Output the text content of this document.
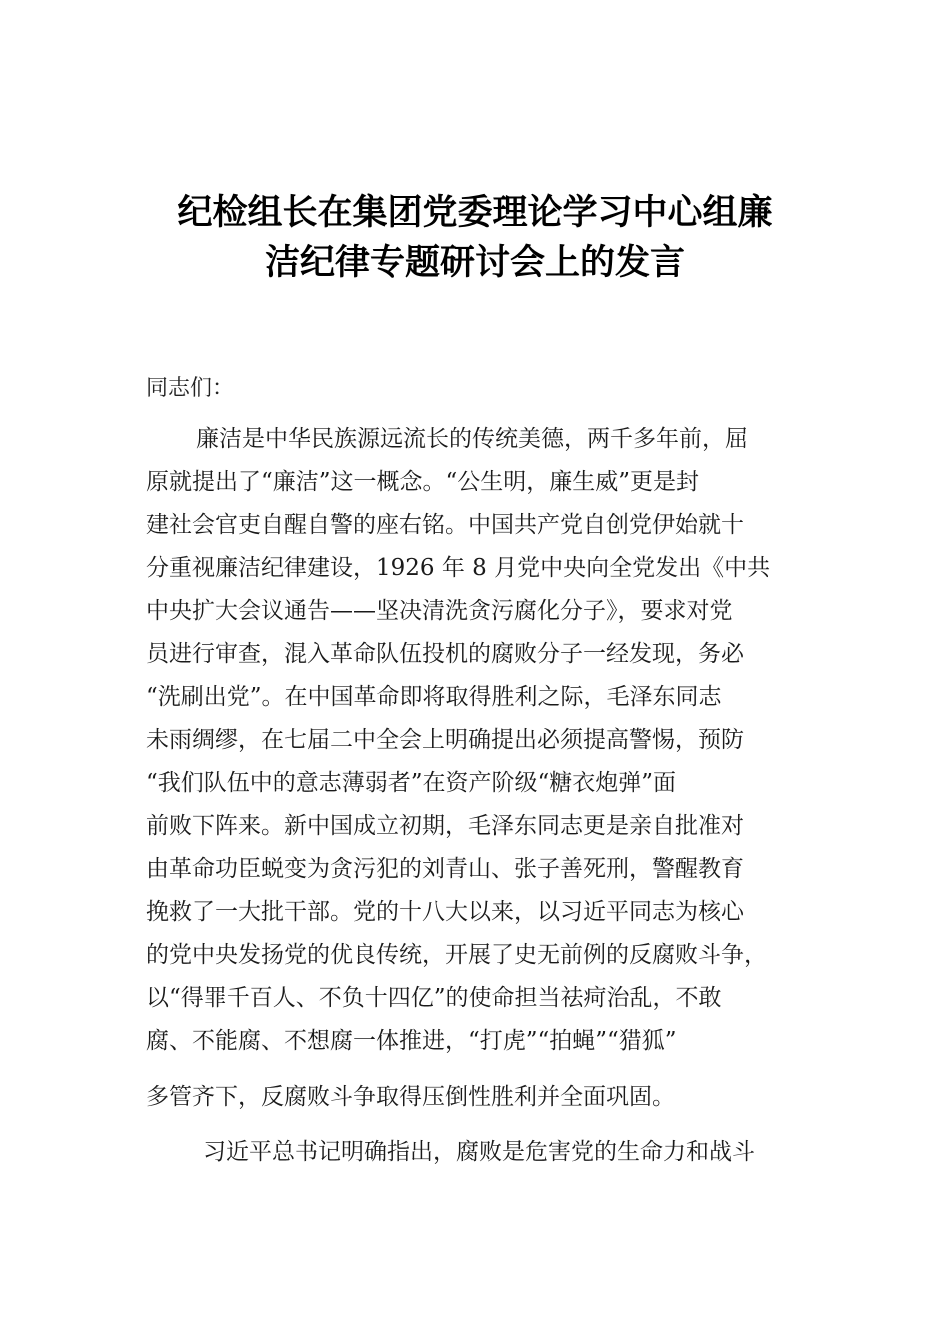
纪检组长在集团党委理论学习中心组廉
洁纪律专题研讨会上的发言
同志们：
廉洁是中华民族源远流长的传统美德，两千多年前，屈
原就提出了“廉洁”这一概念。“公生明，廉生威”更是封
建社会官吏自醒自警的座右铭。中国共产党自创党伊始就十
分重视廉洁纪律建设，1926 年 8 月党中央向全党发出《中共
中央扩大会议通告——坚决清洗贪污腐化分子》，要求对党
员进行审查，混入革命队伍投机的腐败分子一经发现，务必
“洗刷出党”。在中国革命即将取得胜利之际，毛泽东同志
未雨绸缪，在七届二中全会上明确提出必须提高警惕，预防
“我们队伍中的意志薄弱者”在资产阶级“糖衣炮弹”面
前败下阵来。新中国成立初期，毛泽东同志更是亲自批准对
由革命功臣蜕变为贪污犯的刘青山、张子善死刑，警醒教育
挽救了一大批干部。党的十八大以来，以习近平同志为核心
的党中央发扬党的优良传统，开展了史无前例的反腐败斗争，
以“得罪千百人、不负十四亿”的使命担当祛疴治乱，不敢
腐、不能腐、不想腐一体推进，“打虎”“拍蝇”“猎狐”
多管齐下，反腐败斗争取得压倒性胜利并全面巩固。
习近平总书记明确指出，腐败是危害党的生命力和战斗
